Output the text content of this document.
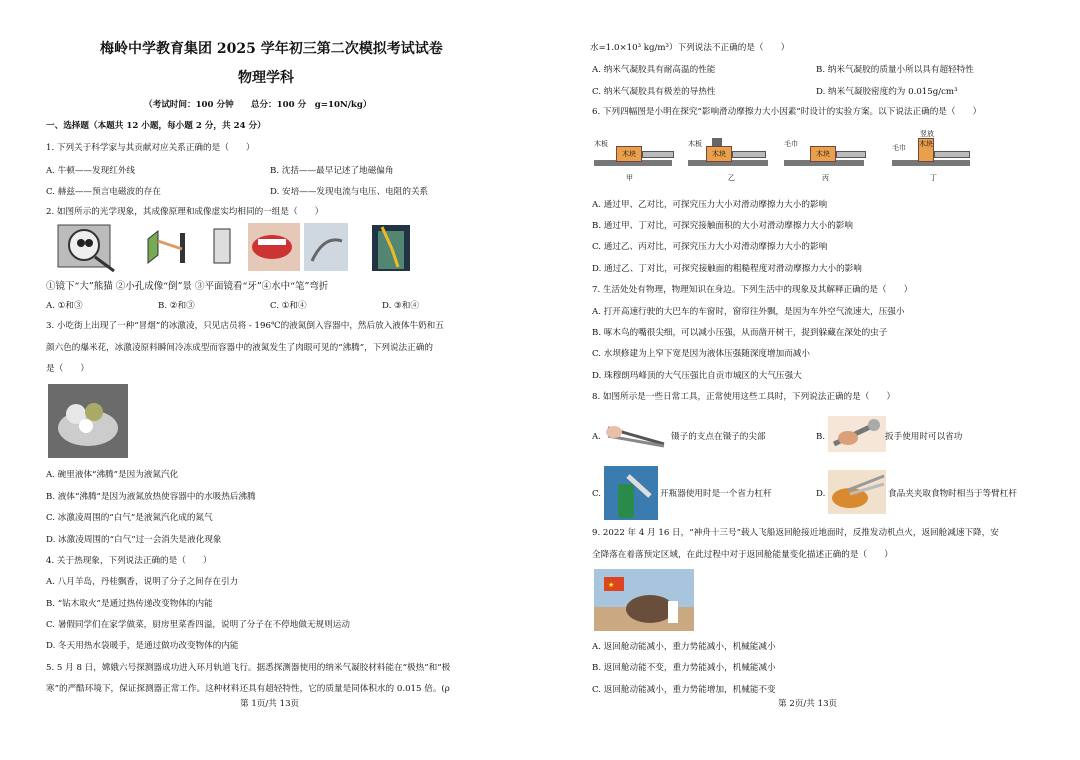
梅岭中学教育集团 2025 学年初三第二次模拟考试试卷
物理学科
（考试时间：100 分钟　　总分：100 分　g=10N/kg）
一、选择题（本题共 12 小题，每小题 2 分，共 24 分）
1. 下列关于科学家与其贡献对应关系正确的是（　　）
A. 牛顿——发现红外线	B. 沈括——最早记述了地磁偏角
C. 赫兹——预言电磁波的存在	D. 安培——发现电流与电压、电阻的关系
2. 如图所示的光学现象，其成像原理和成像虚实均相同的一组是（　　）
①镜下“大”熊猫 ②小孔成像“倒”景 ③平面镜看“牙”④水中“笔”弯折
A. ①和③	B. ②和③	C. ①和④	D. ③和④
3. 小吃街上出现了一种“冒烟”的冰激凌，只见店员将 - 196℃的液氮倒入容器中，然后放入液体牛奶和五
颜六色的爆米花，冰激凌原料瞬间冷冻成型而容器中的液氮发生了肉眼可见的“沸腾”，下列说法正确的
是（　　）
A. 碗里液体“沸腾”是因为液氮汽化
B. 液体“沸腾”是因为液氮放热使容器中的水吸热后沸腾
C. 冰激凌周围的“白气”是液氮汽化成的氮气
D. 冰激凌周围的“白气”过一会消失是液化现象
4. 关于热现象，下列说法正确的是（　　）
A. 八月羊岛，丹桂飘香，说明了分子之间存在引力
B. “钻木取火”是通过热传递改变物体的内能
C. 暑假同学们在家学做菜，厨房里菜香四溢，说明了分子在不停地做无规则运动
D. 冬天用热水袋暖手，是通过做功改变物体的内能
5. 5 月 8 日，嫦娥六号探测器成功进入环月轨道飞行。据悉探测器使用的纳米气凝胶材料能在“极热”和“极
寒”的严酷环境下，保证探测器正常工作。这种材料还具有超轻特性，它的质量是同体积水的 0.015 倍。(ρ
第 1页/共 13页
水=1.0×10³ kg/m³）下列说法不正确的是（　　）
A. 纳米气凝胶具有耐高温的性能	B. 纳米气凝胶的质量小所以具有超轻特性
C. 纳米气凝胶具有极差的导热性	D. 纳米气凝胶密度约为 0.015g/cm³
6. 下列四幅图是小明在探究“影响滑动摩擦力大小因素”时设计的实验方案。以下说法正确的是（　　）
木板
木块
甲
木板
木块
乙
毛巾
木块
丙
毛巾
竖放
木块
丁
A. 通过甲、乙对比，可探究压力大小对滑动摩擦力大小的影响
B. 通过甲、丁对比，可探究接触面积的大小对滑动摩擦力大小的影响
C. 通过乙、丙对比，可探究压力大小对滑动摩擦力大小的影响
D. 通过乙、丁对比，可探究接触面的粗糙程度对滑动摩擦力大小的影响
7. 生活处处有物理，物理知识在身边。下列生活中的现象及其解释正确的是（　　）
A. 打开高速行驶的大巴车的车窗时，窗帘往外飘，是因为车外空气流速大，压强小
B. 啄木鸟的嘴很尖细，可以减小压强，从而凿开树干，捉到躲藏在深处的虫子
C. 水坝修建为上窄下宽是因为液体压强随深度增加而减小
D. 珠穆朗玛峰顶的大气压强比自贡市城区的大气压强大
8. 如图所示是一些日常工具，正常使用这些工具时，下列说法正确的是（　　）
A.	镊子的支点在镊子的尖部	B.	扳手使用时可以省功
C.	开瓶器使用时是一个省力杠杆	D.	食品夹夹取食物时相当于等臂杠杆
9. 2022 年 4 月 16 日，“神舟十三号”载人飞船返回舱接近地面时，反推发动机点火，返回舱减速下降，安
全降落在着落预定区域，在此过程中对于返回舱能量变化描述正确的是（　　）
★
A. 返回舱动能减小，重力势能减小，机械能减小
B. 返回舱动能不变，重力势能减小，机械能减小
C. 返回舱动能减小，重力势能增加，机械能不变
第 2页/共 13页
